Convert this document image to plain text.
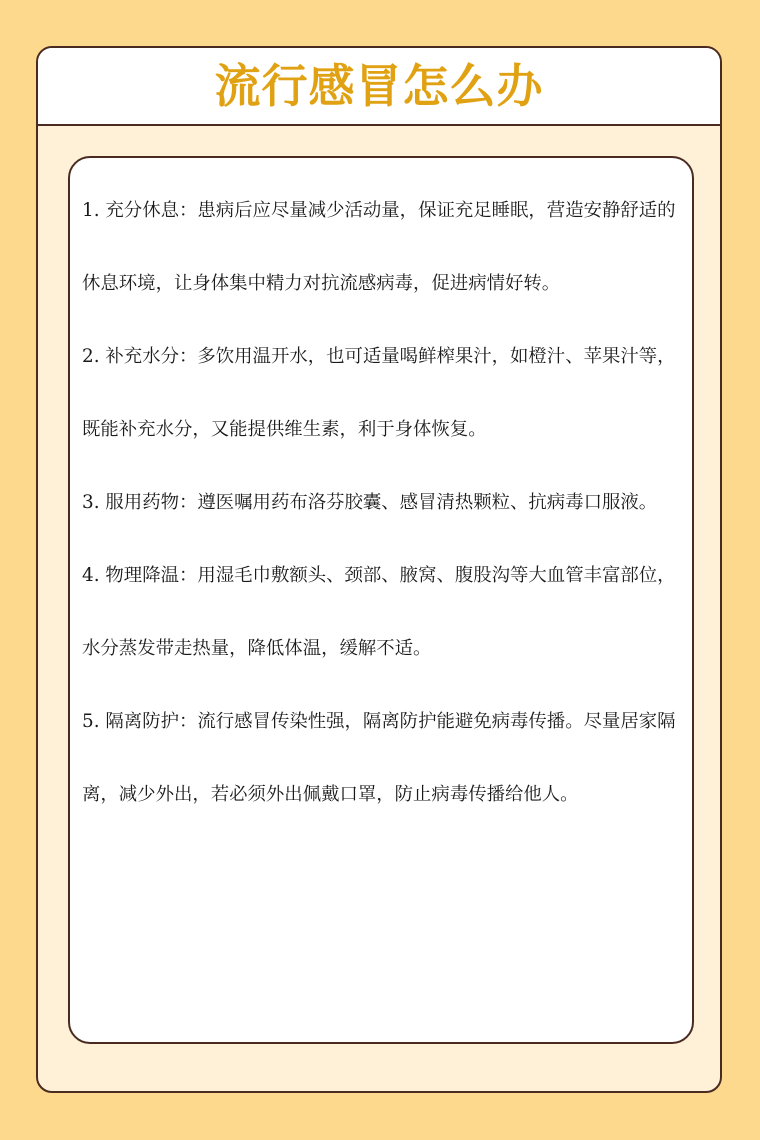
流行感冒怎么办
1. 充分休息：患病后应尽量减少活动量，保证充足睡眠，营造安静舒适的休息环境，让身体集中精力对抗流感病毒，促进病情好转。
2. 补充水分：多饮用温开水，也可适量喝鲜榨果汁，如橙汁、苹果汁等，既能补充水分，又能提供维生素，利于身体恢复。
3. 服用药物：遵医嘱用药布洛芬胶囊、感冒清热颗粒、抗病毒口服液。
4. 物理降温：用湿毛巾敷额头、颈部、腋窝、腹股沟等大血管丰富部位，水分蒸发带走热量，降低体温，缓解不适。
5. 隔离防护：流行感冒传染性强，隔离防护能避免病毒传播。尽量居家隔离，减少外出，若必须外出佩戴口罩，防止病毒传播给他人。
